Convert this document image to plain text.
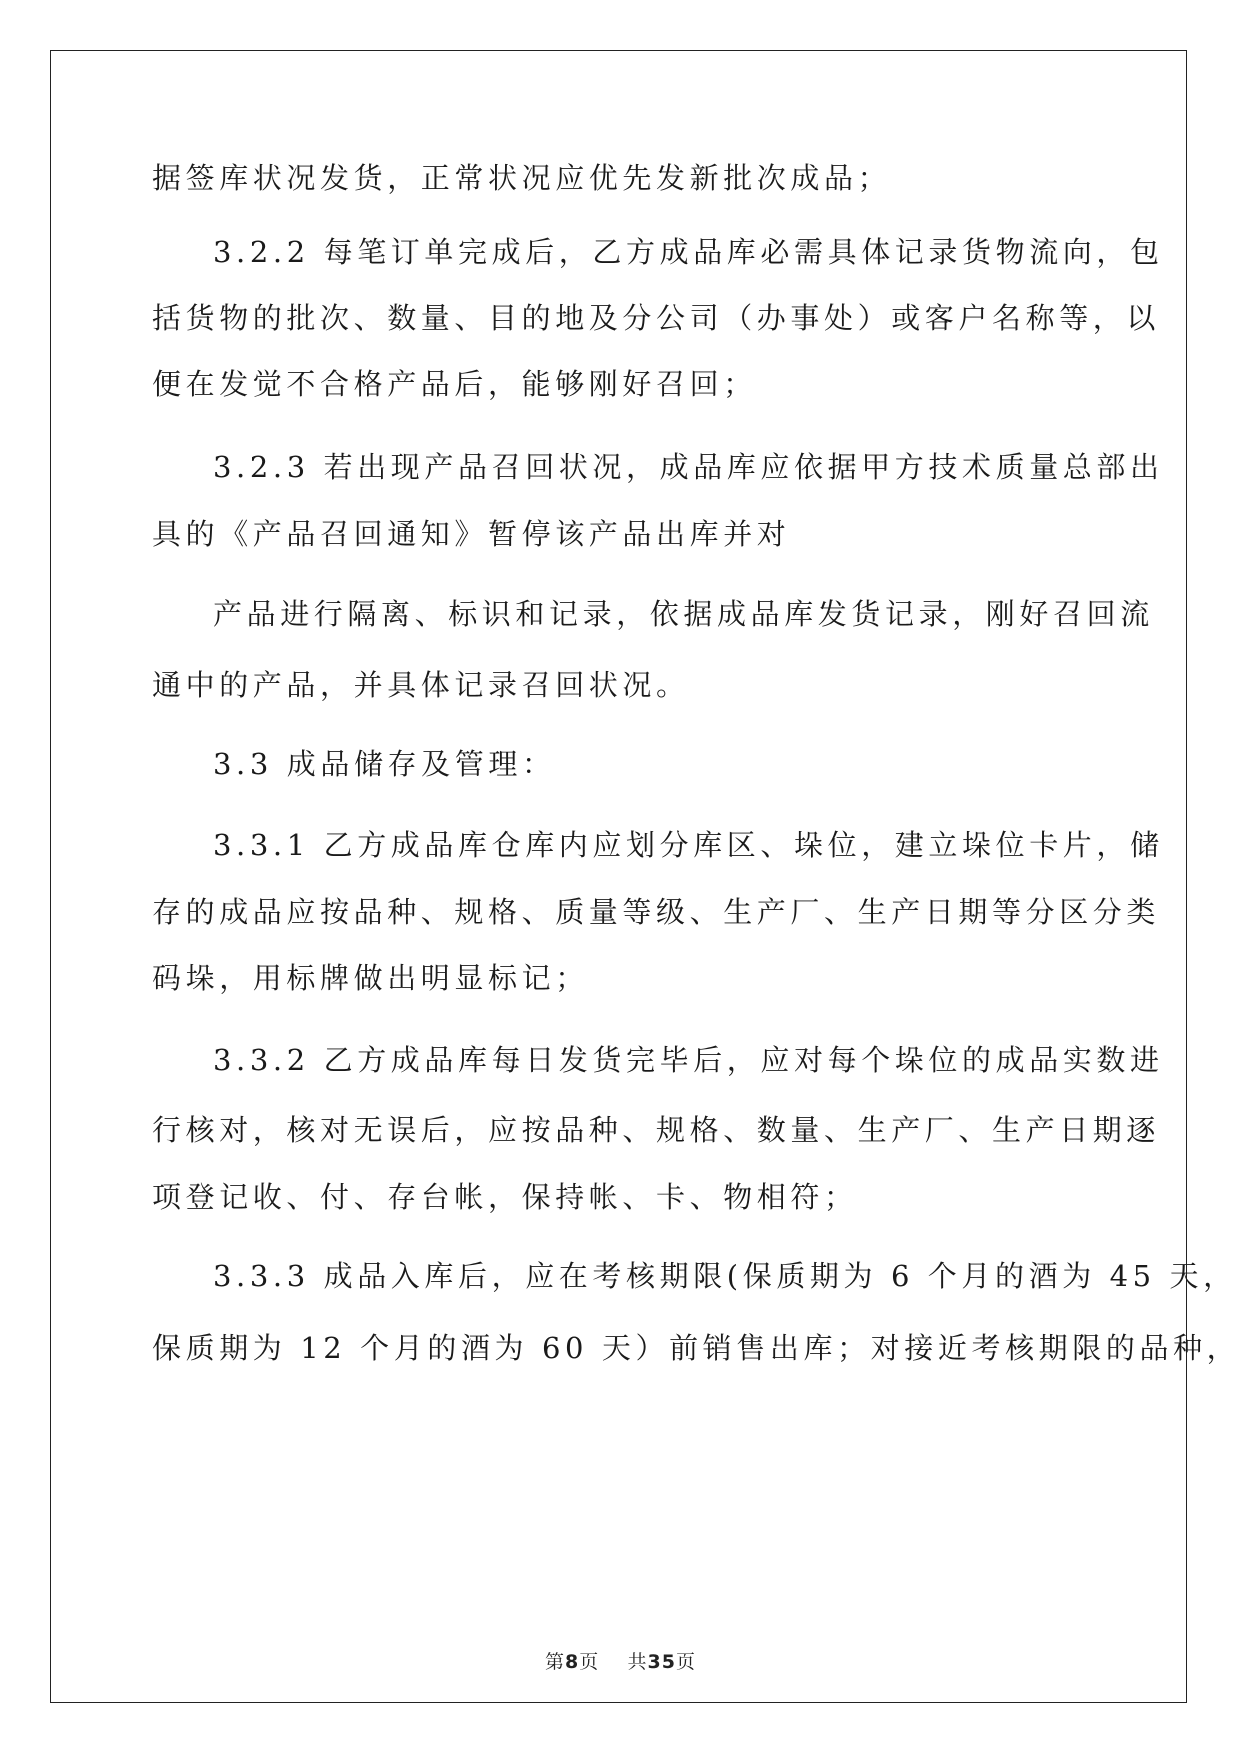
据签库状况发货，正常状况应优先发新批次成品；
3.2.2 每笔订单完成后，乙方成品库必需具体记录货物流向，包
括货物的批次、数量、目的地及分公司（办事处）或客户名称等，以
便在发觉不合格产品后，能够刚好召回；
3.2.3 若出现产品召回状况，成品库应依据甲方技术质量总部出
具的《产品召回通知》暂停该产品出库并对
产品进行隔离、标识和记录，依据成品库发货记录，刚好召回流
通中的产品，并具体记录召回状况。
3.3 成品储存及管理：
3.3.1 乙方成品库仓库内应划分库区、垛位，建立垛位卡片，储
存的成品应按品种、规格、质量等级、生产厂、生产日期等分区分类
码垛，用标牌做出明显标记；
3.3.2 乙方成品库每日发货完毕后，应对每个垛位的成品实数进
行核对，核对无误后，应按品种、规格、数量、生产厂、生产日期逐
项登记收、付、存台帐，保持帐、卡、物相符；
3.3.3 成品入库后，应在考核期限(保质期为 6 个月的酒为 45 天，
保质期为 12 个月的酒为 60 天）前销售出库；对接近考核期限的品种，
第8页 共35页
